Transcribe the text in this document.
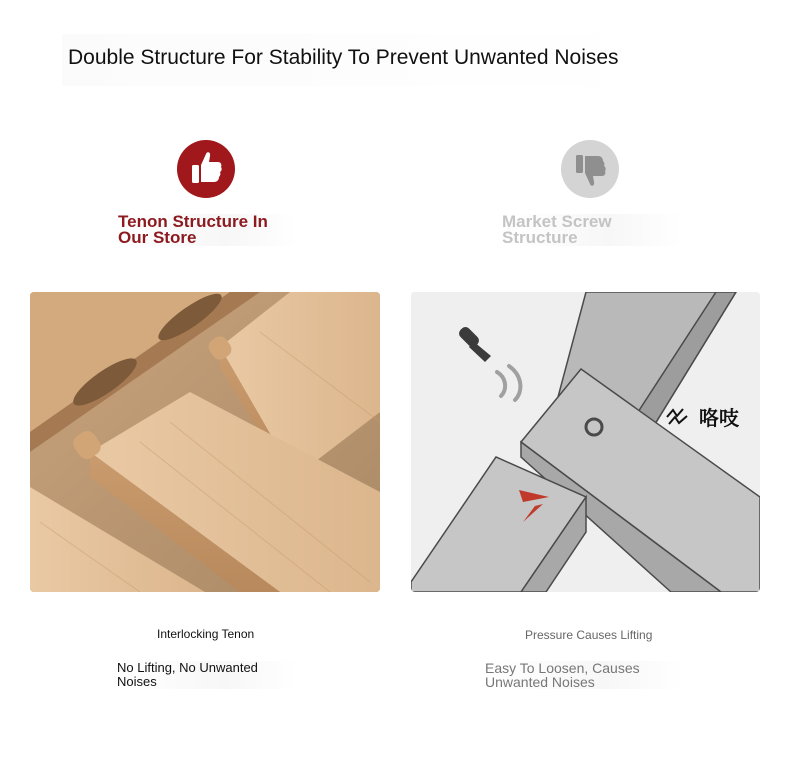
Double Structure For Stability To Prevent Unwanted Noises
Tenon Structure In Our Store
Market Screw Structure
咯吱
Interlocking Tenon	Pressure Causes Lifting
No Lifting, No Unwanted Noises
Easy To Loosen, Causes Unwanted Noises
